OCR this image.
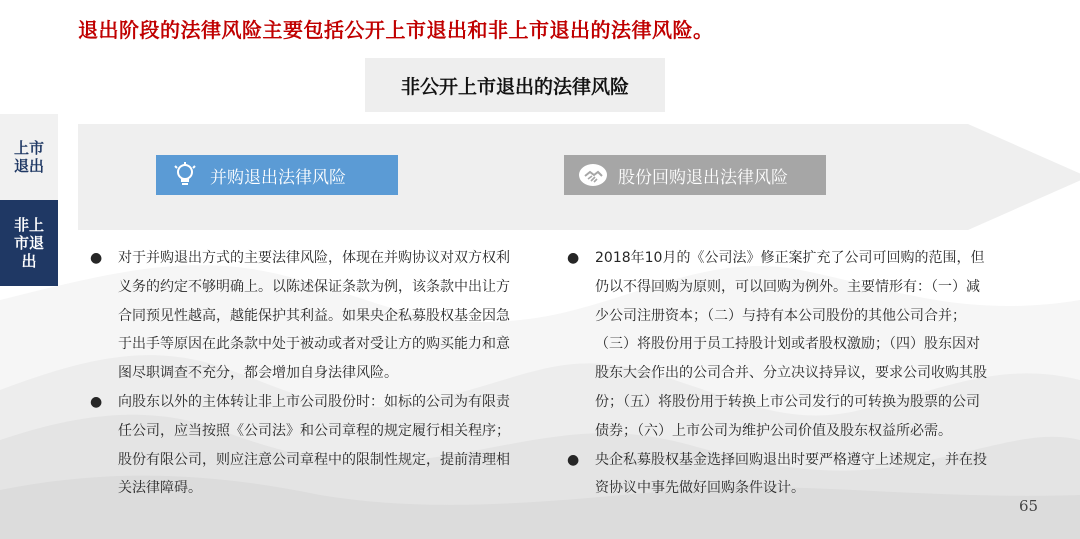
退出阶段的法律风险主要包括公开上市退出和非上市退出的法律风险。
非公开上市退出的法律风险
上市退出
非上市退出
并购退出法律风险	股份回购退出法律风险
●	对于并购退出方式的主要法律风险，体现在并购协议对双方权利义务的约定不够明确上。以陈述保证条款为例，该条款中出让方合同预见性越高，越能保护其利益。如果央企私募股权基金因急于出手等原因在此条款中处于被动或者对受让方的购买能力和意图尽职调查不充分，都会增加自身法律风险。
●	向股东以外的主体转让非上市公司股份时：如标的公司为有限责任公司，应当按照《公司法》和公司章程的规定履行相关程序；股份有限公司，则应注意公司章程中的限制性规定，提前清理相关法律障碍。
●	2018年10月的《公司法》修正案扩充了公司可回购的范围，但仍以不得回购为原则，可以回购为例外。主要情形有：（一）减少公司注册资本；（二）与持有本公司股份的其他公司合并；（三）将股份用于员工持股计划或者股权激励；（四）股东因对股东大会作出的公司合并、分立决议持异议，要求公司收购其股份；（五）将股份用于转换上市公司发行的可转换为股票的公司债券；（六）上市公司为维护公司价值及股东权益所必需。
●	央企私募股权基金选择回购退出时要严格遵守上述规定，并在投资协议中事先做好回购条件设计。
65
